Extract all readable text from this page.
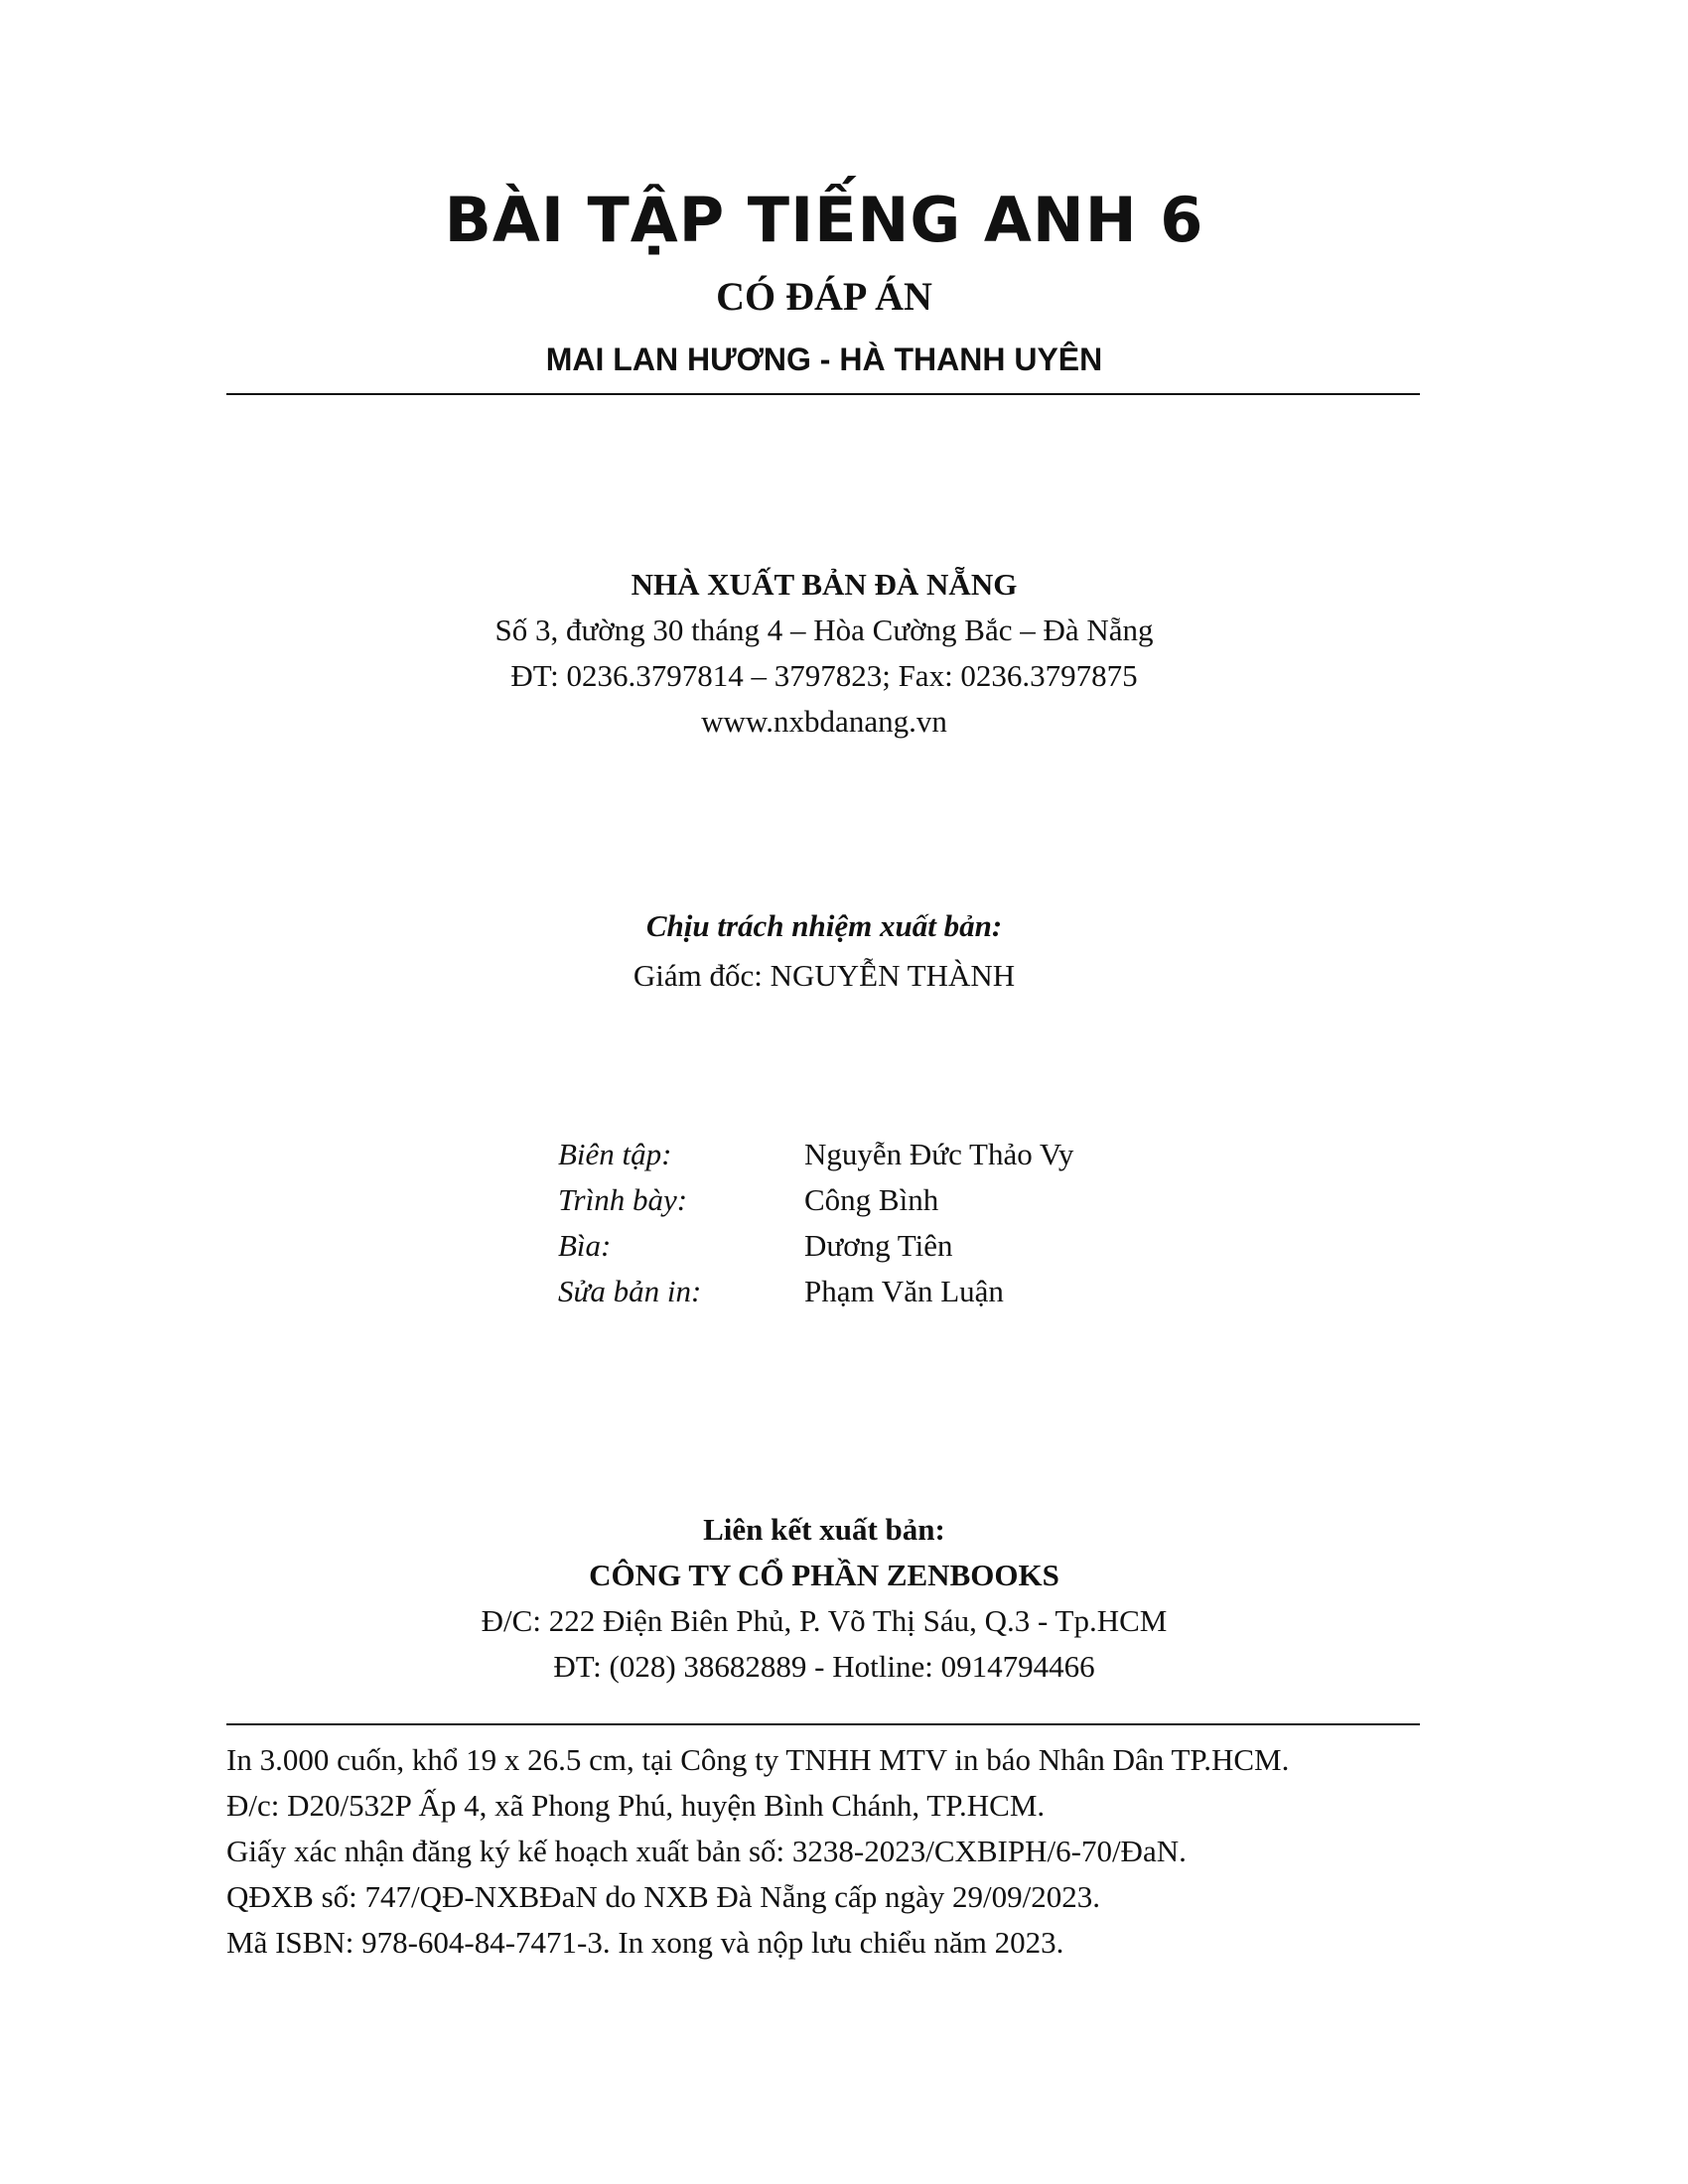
BÀI TẬP TIẾNG ANH 6
CÓ ĐÁP ÁN
MAI LAN HƯƠNG - HÀ THANH UYÊN
NHÀ XUẤT BẢN ĐÀ NẴNG
Số 3, đường 30 tháng 4 – Hòa Cường Bắc – Đà Nẵng
ĐT: 0236.3797814 – 3797823; Fax: 0236.3797875
www.nxbdanang.vn
Chịu trách nhiệm xuất bản:
Giám đốc: NGUYỄN THÀNH
Biên tập:	Nguyễn Đức Thảo Vy
Trình bày:	Công Bình
Bìa:	Dương Tiên
Sửa bản in:	Phạm Văn Luận
Liên kết xuất bản:
CÔNG TY CỔ PHẦN ZENBOOKS
Đ/C: 222 Điện Biên Phủ, P. Võ Thị Sáu, Q.3 - Tp.HCM
ĐT: (028) 38682889 - Hotline: 0914794466
In 3.000 cuốn, khổ 19 x 26.5 cm, tại Công ty TNHH MTV in báo Nhân Dân TP.HCM.
Đ/c: D20/532P Ấp 4, xã Phong Phú, huyện Bình Chánh, TP.HCM.
Giấy xác nhận đăng ký kế hoạch xuất bản số: 3238-2023/CXBIPH/6-70/ĐaN.
QĐXB số: 747/QĐ-NXBĐaN do NXB Đà Nẵng cấp ngày 29/09/2023.
Mã ISBN: 978-604-84-7471-3. In xong và nộp lưu chiểu năm 2023.
